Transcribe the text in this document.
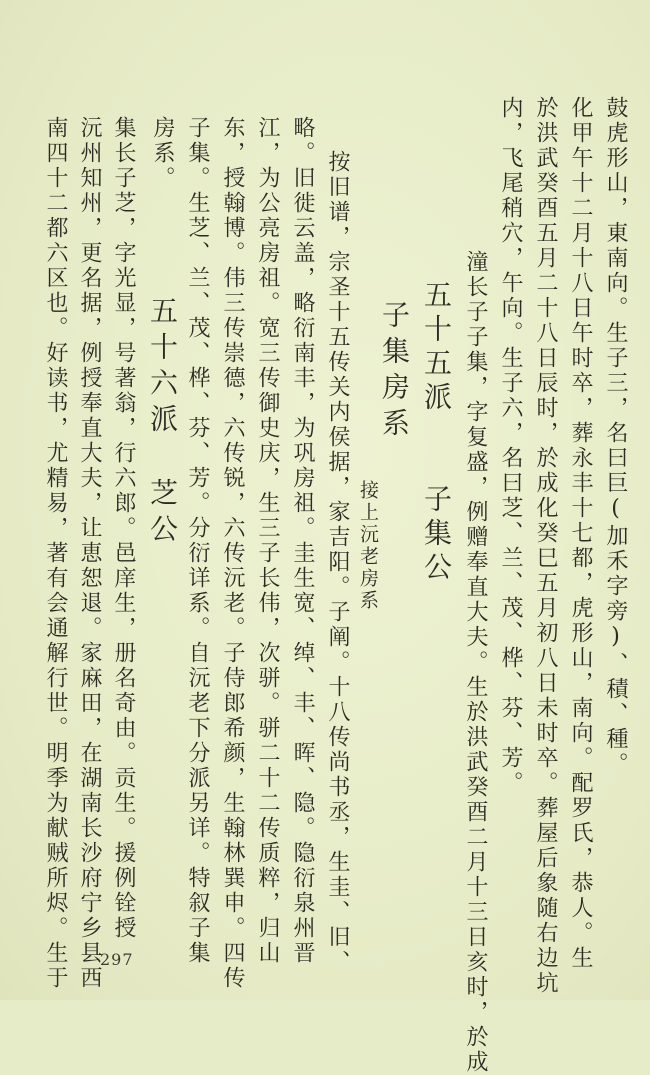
鼓虎形山，東南向。生子三，名曰巨(加禾字旁)、積、種。
化甲午十二月十八日午时卒，葬永丰十七都，虎形山，南向。配罗氏，恭人。生
於洪武癸酉五月二十八日辰时，於成化癸巳五月初八日未时卒。葬屋后象随右边坑
内，飞尾稍穴，午向。生子六，名曰芝、兰、茂、桦、芬、芳。
潼长子子集，字复盛，例赠奉直大夫。生於洪武癸酉二月十三日亥时，於成
五十五派　　子集公
子集房系
接上沅老房系
按旧谱，宗圣十五传关内侯据，家吉阳。子阐。十八传尚书丞，生圭、旧、
略。旧徙云盖，略衍南丰，为巩房祖。圭生宽、绰、丰、晖、隐。隐衍泉州晋
江，为公亮房祖。宽三传御史庆，生三子长伟，次骈。骈二十二传质粹，归山
东，授翰博。伟三传崇德，六传锐，六传沅老。子侍郎希颜，生翰林巽申。四传
子集。生芝、兰、茂、桦、芬、芳。分衍详系。自沅老下分派另详。特叙子集
房系。
五十六派
芝公
集长子芝，字光显，号著翁，行六郎。邑庠生，册名奇由。贡生。援例铨授
沅州知州，更名据，例授奉直大夫，让恵恕退。家麻田，在湖南长沙府宁乡县西
南四十二都六区也。好读书，尤精易，著有会通解行世。明季为献贼所烬。生于 297
